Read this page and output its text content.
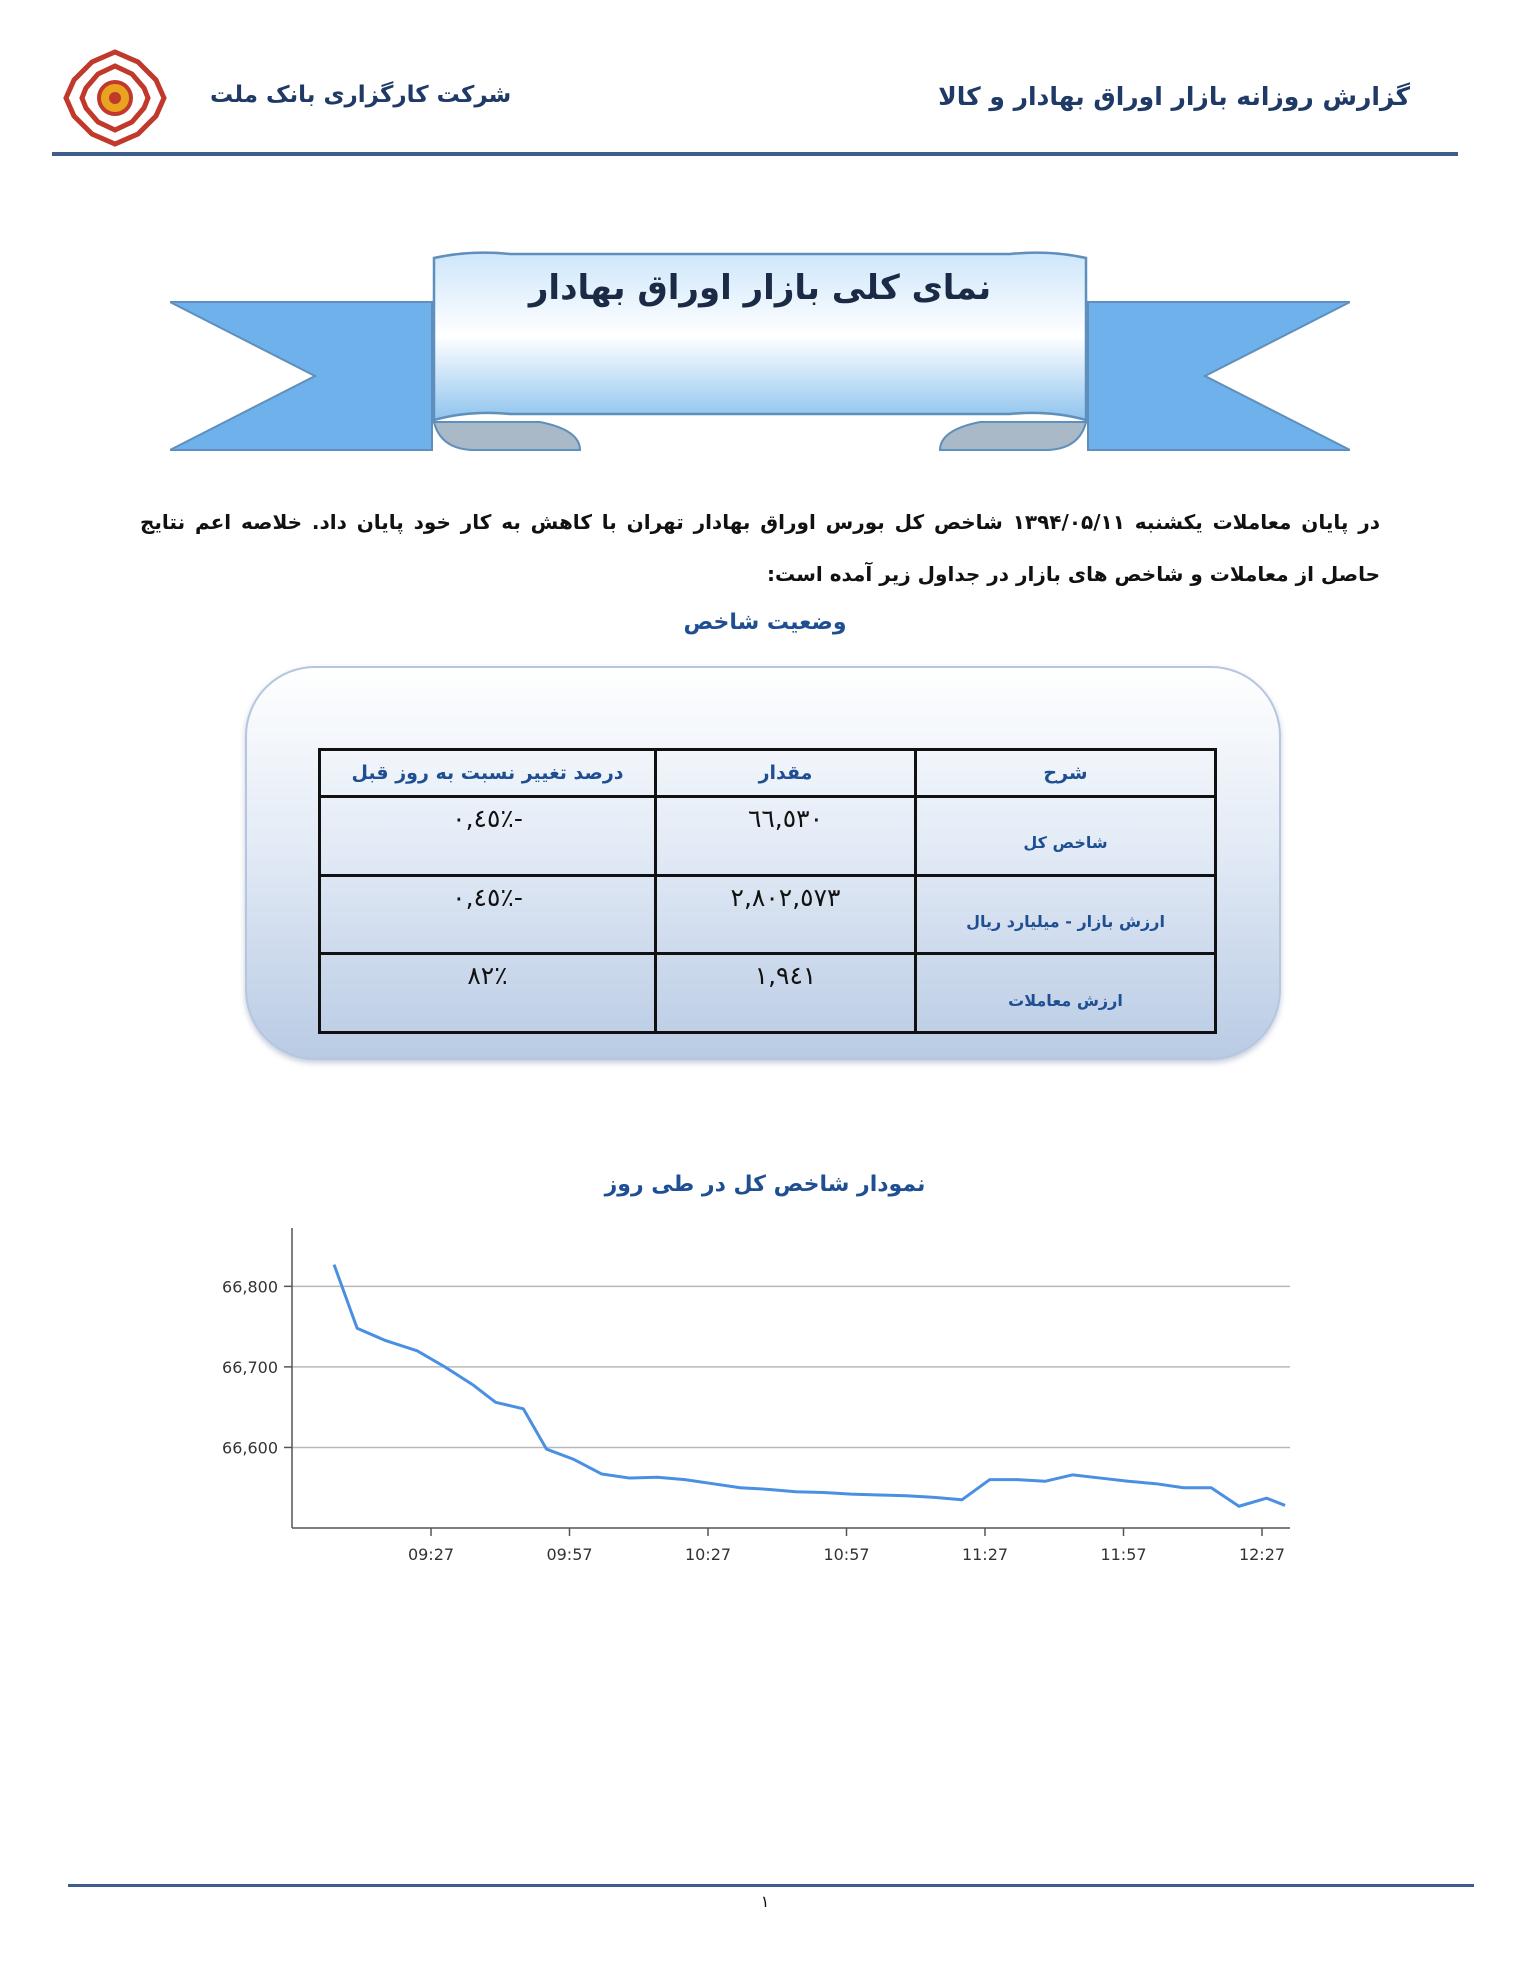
گزارش روزانه بازار اوراق بهادار و کالا
شرکت کارگزاری بانک ملت
نمای کلی بازار اوراق بهادار
در پایان معاملات یکشنبه ۱۳۹۴/۰۵/۱۱ شاخص کل بورس اوراق بهادار تهران با کاهش به کار خود پایان داد. خلاصه اعم نتایج حاصل از معاملات و شاخص های بازار در جداول زیر آمده است:
وضعیت شاخص
شرح	مقدار	درصد تغییر نسبت به روز قبل
شاخص کل	٦٦,٥٣٠	-٪٠,٤٥
ارزش بازار - میلیارد ریال	٢,٨٠٢,٥٧٣	-٪٠,٤٥
ارزش معاملات	١,٩٤١	٪٨٢
نمودار شاخص کل در طی روز
66,600
66,700
66,800
09:27	09:57	10:27	10:57	11:27	11:57	12:27
١
